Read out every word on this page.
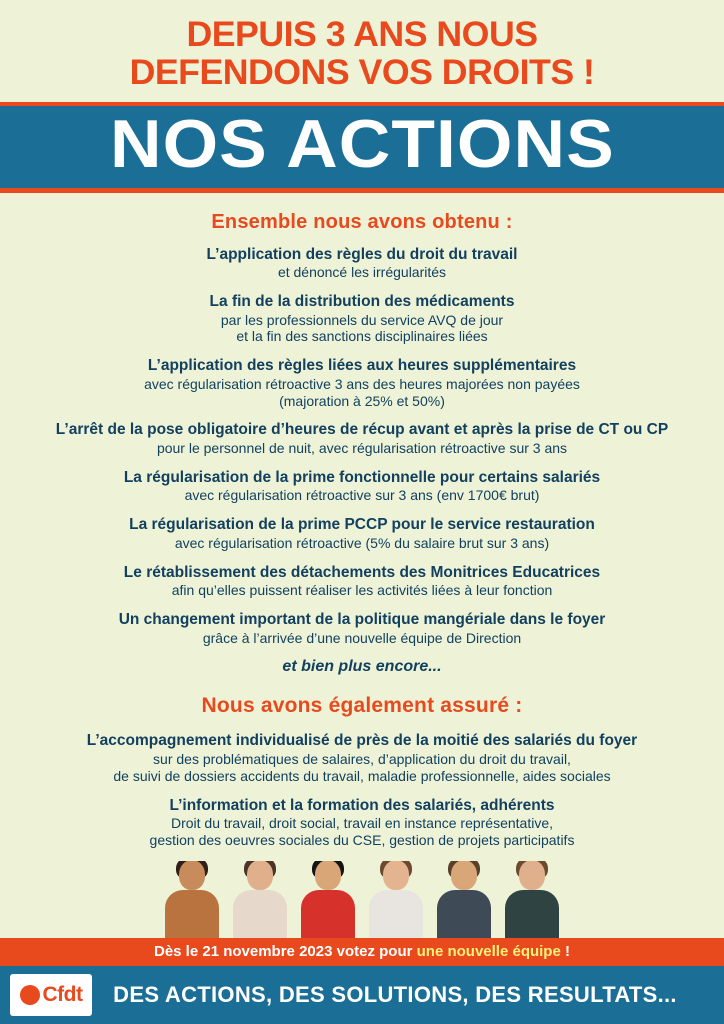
DEPUIS 3 ANS NOUS
DEFENDONS VOS DROITS !
NOS ACTIONS
Ensemble nous avons obtenu :
L’application des règles du droit du travail
et dénoncé les irrégularités
La fin de la distribution des médicaments
par les professionnels du service AVQ de jour
et la fin des sanctions disciplinaires liées
L’application des règles liées aux heures supplémentaires
avec régularisation rétroactive 3 ans des heures majorées non payées
(majoration à 25% et 50%)
L’arrêt de la pose obligatoire d’heures de récup avant et après la prise de CT ou CP
pour le personnel de nuit, avec régularisation rétroactive sur 3 ans
La régularisation de la prime fonctionnelle pour certains salariés
avec régularisation rétroactive sur 3 ans (env 1700€ brut)
La régularisation de la prime PCCP pour le service restauration
avec régularisation rétroactive (5% du salaire brut sur 3 ans)
Le rétablissement des détachements des Monitrices Educatrices
afin qu’elles puissent réaliser les activités liées à leur fonction
Un changement important de la politique mangériale dans le foyer
grâce à l’arrivée d’une nouvelle équipe de Direction
et bien plus encore...
Nous avons également assuré :
L’accompagnement individualisé de près de la moitié des salariés du foyer
sur des problématiques de salaires, d’application du droit du travail,
de suivi de dossiers accidents du travail, maladie professionnelle, aides sociales
L’information et la formation des salariés, adhérents
Droit du travail, droit social, travail en instance représentative,
gestion des oeuvres sociales du CSE, gestion de projets participatifs
Dès le 21 novembre 2023 votez pour une nouvelle équipe !
Cfdt	DES ACTIONS, DES SOLUTIONS, DES RESULTATS...
